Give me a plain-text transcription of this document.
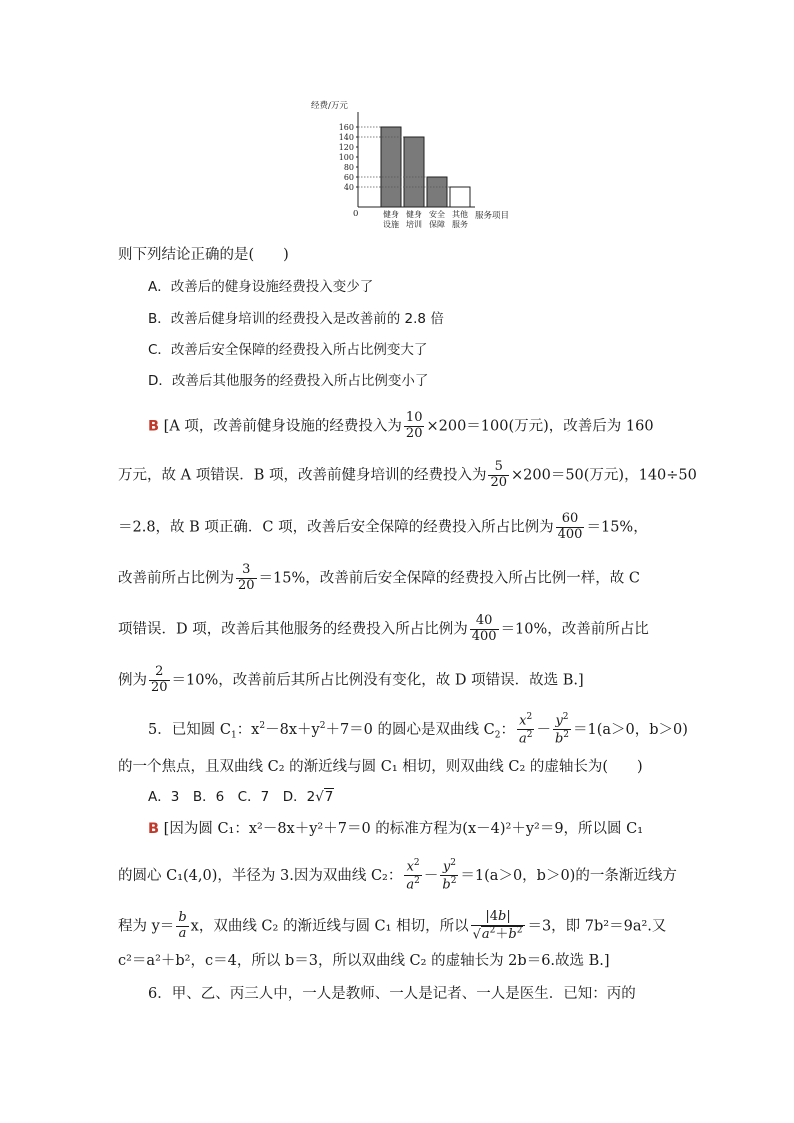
经费/万元
服务项目
0
40
60
80
100
120
140
160
健身
设施
健身
培训
安全
保障
其他
服务
则下列结论正确的是(　　)
A．改善后的健身设施经费投入变少了
B．改善后健身培训的经费投入是改善前的 2.8 倍
C．改善后安全保障的经费投入所占比例变大了
D．改善后其他服务的经费投入所占比例变小了
B [A 项，改善前健身设施的经费投入为 $\frac{10}{20} \times 200=100$(万元)，改善后为 160
万元，故 A 项错误．B 项，改善前健身培训的经费投入为 $\frac{5}{20} \times 200=50$(万元)，140÷50
＝2.8，故 B 项正确．C 项，改善后安全保障的经费投入所占比例为 $\frac{60}{400} =15\%$，
改善前所占比例为 $\frac{3}{20} =15\%$，改善前后安全保障的经费投入所占比例一样，故 C
项错误．D 项，改善后其他服务的经费投入所占比例为 $\frac{40}{400} =10\%$，改善前所占比
例为 $\frac{2}{20} =10\%$，改善前后其所占比例没有变化，故 D 项错误．故选 B.]
5．已知圆 $C_1$：$x^2-8x+y^2+7=0$ 的圆心是双曲线 $C_2$： $\frac{x^2}{a^2} - \frac{y^2}{b^2} =1(a>0$，b＞0)
的一个焦点，且双曲线 C₂ 的渐近线与圆 C₁ 相切，则双曲线 C₂ 的虚轴长为(　　)
A．3　B．6　C．7　D．2√7
B [因为圆 C₁：x²－8x＋y²＋7＝0 的标准方程为(x－4)²＋y²＝9，所以圆 C₁
的圆心 C₁(4,0)，半径为 3.因为双曲线 C₂： $\frac{x^2}{a^2} - \frac{y^2}{b^2} =1(a>0$，b＞0)的一条渐近线方
程为 $y= \frac{b}{a}$ x，双曲线 C₂ 的渐近线与圆 C₁ 相切，所以 $\frac{|4b|}{√a^2+b^2} =3$，即 7b²＝9a².又
c²＝a²＋b²，c＝4，所以 b＝3，所以双曲线 C₂ 的虚轴长为 2b＝6.故选 B.]
6．甲、乙、丙三人中，一人是教师、一人是记者、一人是医生．已知：丙的
